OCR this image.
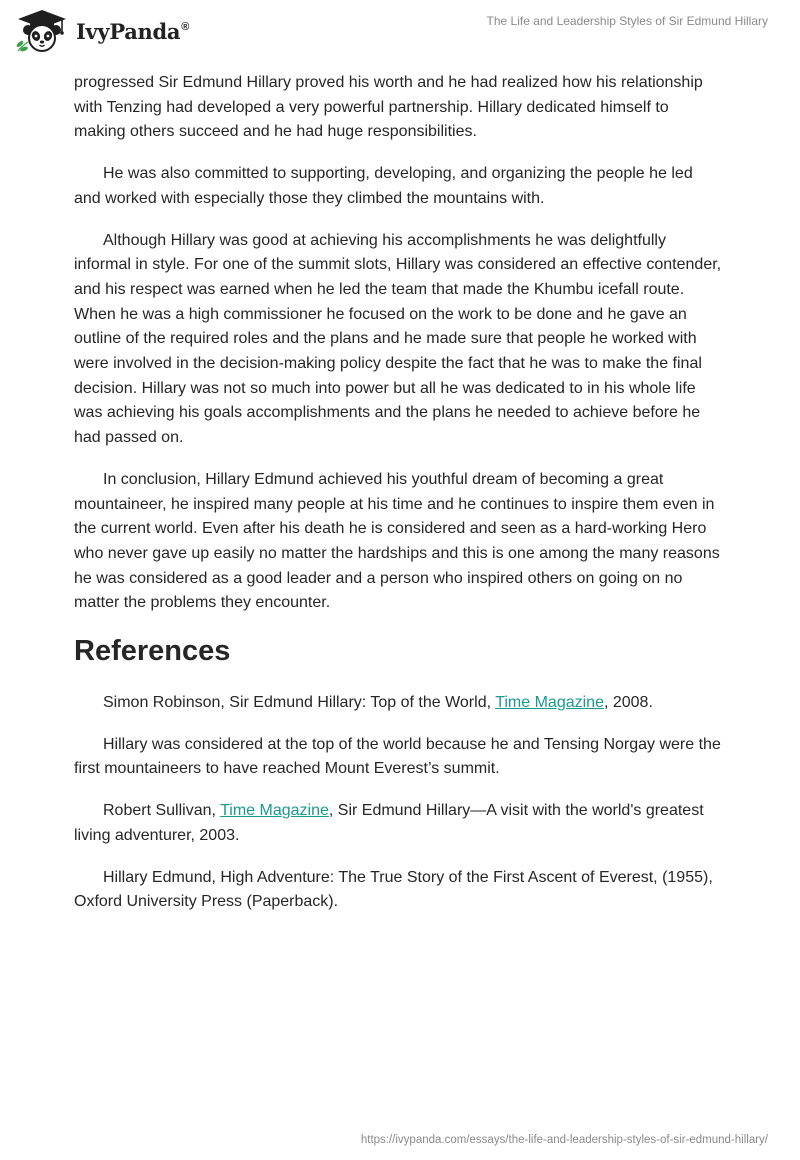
IvyPanda®	The Life and Leadership Styles of Sir Edmund Hillary

progressed Sir Edmund Hillary proved his worth and he had realized how his relationship with Tenzing had developed a very powerful partnership. Hillary dedicated himself to making others succeed and he had huge responsibilities.

He was also committed to supporting, developing, and organizing the people he led and worked with especially those they climbed the mountains with.

Although Hillary was good at achieving his accomplishments he was delightfully informal in style. For one of the summit slots, Hillary was considered an effective contender, and his respect was earned when he led the team that made the Khumbu icefall route. When he was a high commissioner he focused on the work to be done and he gave an outline of the required roles and the plans and he made sure that people he worked with were involved in the decision-making policy despite the fact that he was to make the final decision. Hillary was not so much into power but all he was dedicated to in his whole life was achieving his goals accomplishments and the plans he needed to achieve before he had passed on.

In conclusion, Hillary Edmund achieved his youthful dream of becoming a great mountaineer, he inspired many people at his time and he continues to inspire them even in the current world. Even after his death he is considered and seen as a hard-working Hero who never gave up easily no matter the hardships and this is one among the many reasons he was considered as a good leader and a person who inspired others on going on no matter the problems they encounter.

References

Simon Robinson, Sir Edmund Hillary: Top of the World, Time Magazine, 2008.

Hillary was considered at the top of the world because he and Tensing Norgay were the first mountaineers to have reached Mount Everest’s summit.

Robert Sullivan, Time Magazine, Sir Edmund Hillary—A visit with the world's greatest living adventurer, 2003.

Hillary Edmund, High Adventure: The True Story of the First Ascent of Everest, (1955), Oxford University Press (Paperback).

https://ivypanda.com/essays/the-life-and-leadership-styles-of-sir-edmund-hillary/
